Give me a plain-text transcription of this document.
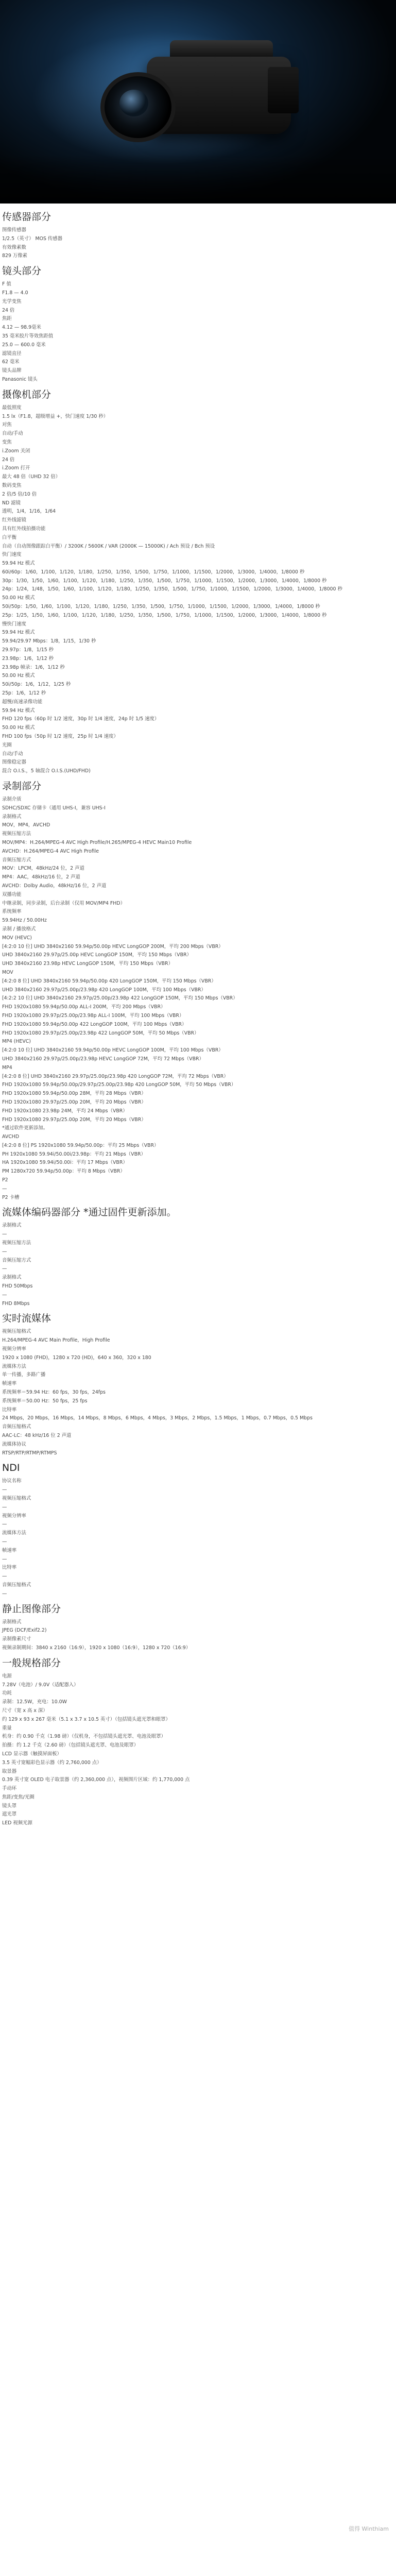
传感器部分
图像传感器
1/2.5（英寸） MOS 传感器
有效像素数
829 万像素
镜头部分
F 值
F1.8 — 4.0
光学变焦
24 倍
焦距
4.12 — 98.9毫米
35 毫米胶片等效焦距值
25.0 — 600.0 毫米
滤镜直径
62 毫米
镜头品牌
Panasonic 镜头
摄像机部分
最低照度
1.5 lx（F1.8，超级增益 +，快门速度 1/30 秒）
对焦
自动/手动
变焦
i.Zoom 关闭
24 倍
i.Zoom 打开
最大 48 倍（UHD 32 倍）
数码变焦
2 倍/5 倍/10 倍
ND 滤镜
透明，1/4，1/16，1/64
红外线滤镜
具有红外线拍摄功能
白平衡
自动（自动图像跟踪白平衡）/ 3200K / 5600K / VAR (2000K — 15000K) / Ach 预设 / Bch 预设
快门速度
59.94 Hz 模式
60i/60p：1/60，1/100，1/120，1/180，1/250，1/350，1/500，1/750，1/1000，1/1500，1/2000，1/3000，1/4000，1/8000 秒
30p：1/30，1/50，1/60，1/100，1/120，1/180，1/250，1/350，1/500，1/750，1/1000，1/1500，1/2000，1/3000，1/4000，1/8000 秒
24p：1/24，1/48，1/50，1/60，1/100，1/120，1/180，1/250，1/350，1/500，1/750，1/1000，1/1500，1/2000，1/3000，1/4000，1/8000 秒
50.00 Hz 模式
50i/50p：1/50，1/60，1/100，1/120，1/180，1/250，1/350，1/500，1/750，1/1000，1/1500，1/2000，1/3000，1/4000，1/8000 秒
25p：1/25，1/50，1/60，1/100，1/120，1/180，1/250，1/350，1/500，1/750，1/1000，1/1500，1/2000，1/3000，1/4000，1/8000 秒
慢快门速度
59.94 Hz 模式
59.94/29.97 Mbps：1/8，1/15，1/30 秒
29.97p：1/8，1/15 秒
23.98p：1/6，1/12 秒
23.98p 帧录：1/6，1/12 秒
50.00 Hz 模式
50i/50p：1/6，1/12，1/25 秒
25p：1/6，1/12 秒
超慢/高速录像功能
59.94 Hz 模式
FHD 120 fps（60p 时 1/2 速度，30p 时 1/4 速度，24p 时 1/5 速度）
50.00 Hz 模式
FHD 100 fps（50p 时 1/2 速度，25p 时 1/4 速度）
光圈
自动/手动
图像稳定器
混合 O.I.S.，5 轴混合 O.I.S.(UHD/FHD)
录制部分
录制介质
SDHC/SDXC 存储卡（通用 UHS-I，兼容 UHS-I
录制格式
MOV，MP4，AVCHD
视频压缩方法
MOV/MP4：H.264/MPEG-4 AVC High Profile/H.265/MPEG-4 HEVC Main10 Profile
AVCHD：H.264/MPEG-4 AVC High Profile
音频压缩方式
MOV：LPCM，48kHz/24 位，2 声道
MP4：AAC，48kHz/16 位，2 声道
AVCHD：Dolby Audio，48kHz/16 位，2 声道
双播功能
中继录制，同步录制，后台录制（仅用 MOV/MP4 FHD）
系统频率
59.94Hz / 50.00Hz
录制 / 播放格式
MOV (HEVC)
[4:2:0 10 位] UHD 3840x2160 59.94p/50.00p HEVC LongGOP 200M，平均 200 Mbps（VBR）
UHD 3840x2160 29.97p/25.00p HEVC LongGOP 150M，平均 150 Mbps（VBR）
UHD 3840x2160 23.98p HEVC LongGOP 150M，平均 150 Mbps（VBR）
MOV
[4:2:0 8 位] UHD 3840x2160 59.94p/50.00p 420 LongGOP 150M，平均 150 Mbps（VBR）
UHD 3840x2160 29.97p/25.00p/23.98p 420 LongGOP 100M，平均 100 Mbps（VBR）
[4:2:2 10 位] UHD 3840x2160 29.97p/25.00p/23.98p 422 LongGOP 150M，平均 150 Mbps（VBR）
FHD 1920x1080 59.94p/50.00p ALL-I 200M，平均 200 Mbps（VBR）
FHD 1920x1080 29.97p/25.00p/23.98p ALL-I 100M，平均 100 Mbps（VBR）
FHD 1920x1080 59.94p/50.00p 422 LongGOP 100M，平均 100 Mbps（VBR）
FHD 1920x1080 29.97p/25.00p/23.98p 422 LongGOP 50M，平均 50 Mbps（VBR）
MP4 (HEVC)
[4:2:0 10 位] UHD 3840x2160 59.94p/50.00p HEVC LongGOP 100M，平均 100 Mbps（VBR）
UHD 3840x2160 29.97p/25.00p/23.98p HEVC LongGOP 72M，平均 72 Mbps（VBR）
MP4
[4:2:0 8 位] UHD 3840x2160 29.97p/25.00p/23.98p 420 LongGOP 72M，平均 72 Mbps（VBR）
FHD 1920x1080 59.94p/50.00p/29.97p/25.00p/23.98p 420 LongGOP 50M，平均 50 Mbps（VBR）
FHD 1920x1080 59.94p/50.00p 28M，平均 28 Mbps（VBR）
FHD 1920x1080 29.97p/25.00p 20M，平均 20 Mbps（VBR）
FHD 1920x1080 23.98p 24M，平均 24 Mbps（VBR）
FHD 1920x1080 29.97p/25.00p 20M，平均 20 Mbps（VBR）
*通过软件更新添加。
AVCHD
[4:2:0 8 位] PS 1920x1080 59.94p/50.00p：平均 25 Mbps（VBR）
PH 1920x1080 59.94i/50.00i/23.98p：平均 21 Mbps（VBR）
HA 1920x1080 59.94i/50.00i：平均 17 Mbps（VBR）
PM 1280x720 59.94p/50.00p：平均 8 Mbps（VBR）
P2
—
P2 卡槽
流媒体编码器部分 *通过固件更新添加。
录制格式
—
视频压缩方法
—
音频压缩方式
—
录制格式
FHD 50Mbps
—
FHD 8Mbps
实时流媒体
视频压缩格式
H.264/MPEG-4 AVC Main Profile，High Profile
视频分辨率
1920 x 1080 (FHD)，1280 x 720 (HD)，640 x 360，320 x 180
流媒体方法
单一传播，多路广播
帧速率
系统频率＝59.94 Hz：60 fps，30 fps，24fps
系统频率＝50.00 Hz：50 fps，25 fps
比特率
24 Mbps，20 Mbps，16 Mbps，14 Mbps，8 Mbps，6 Mbps，4 Mbps，3 Mbps，2 Mbps，1.5 Mbps，1 Mbps，0.7 Mbps，0.5 Mbps
音频压缩格式
AAC-LC：48 kHz/16 位 2 声道
流媒体协议
RTSP/RTP/RTMP/RTMPS
NDI
协议名称
—
视频压缩格式
—
视频分辨率
—
流媒体方法
—
帧速率
—
比特率
—
音频压缩格式
—
静止图像部分
录制格式
JPEG (DCF/Exif2.2)
录制像素尺寸
视频录制期间：3840 x 2160（16:9），1920 x 1080（16:9），1280 x 720（16:9）
一般规格部分
电源
7.28V（电池）/ 9.0V（适配器入）
功耗
录制：12.5W，充电：10.0W
尺寸（宽 x 高 x 深）
约 129 x 93 x 267 毫米（5.1 x 3.7 x 10.5 英寸）（包括镜头遮光罩和眼罩）
重量
机身：约 0.90 千克（1.98 磅）（仅机身，不包括镜头遮光罩、电池及眼罩）
拍摄：约 1.2 千克（2.60 磅）（包括镜头遮光罩、电池及眼罩）
LCD 显示器（触摸屏面板）
3.5 英寸宽幅彩色显示器（约 2,760,000 点）
取景器
0.39 英寸宽 OLED 电子取景器（约 2,360,000 点），视频图片区域：约 1,770,000 点
手动环
焦距/变焦/光圈
镜头罩
遮光罩
LED 视频光源
值得 Winthiam
